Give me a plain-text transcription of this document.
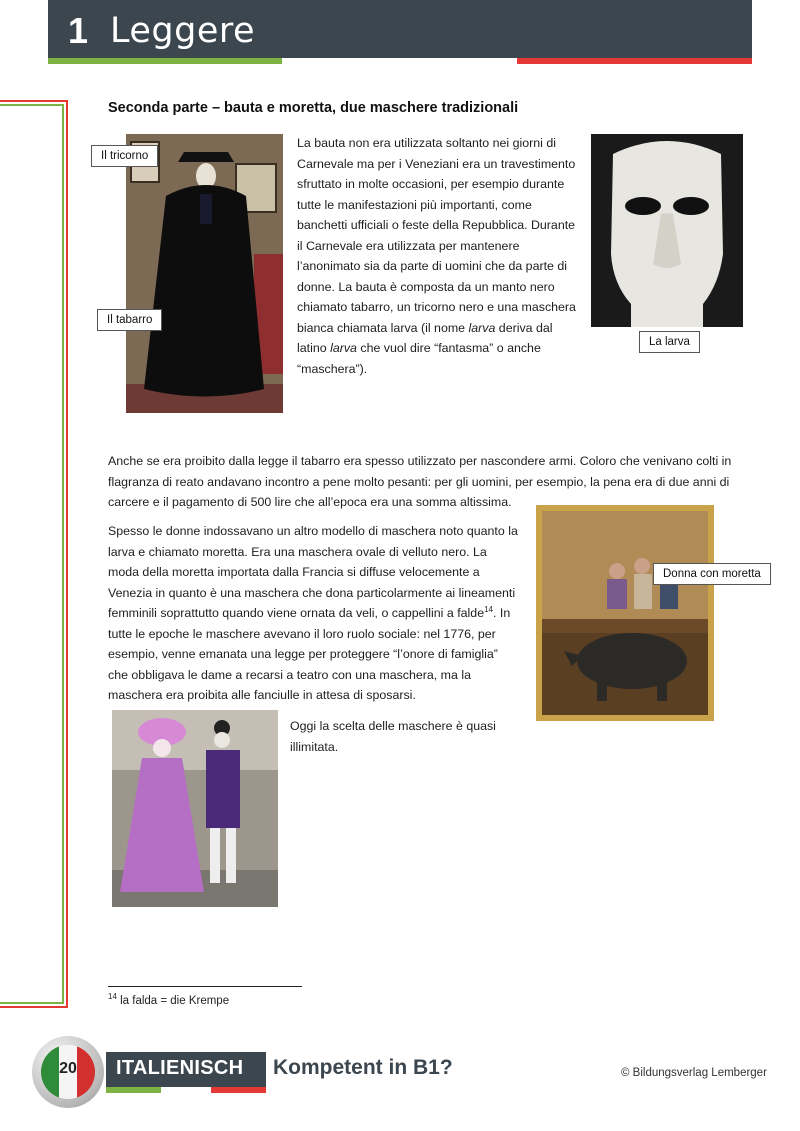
1 Leggere
Seconda parte – bauta e moretta, due maschere tradizionali
Il tricorno
Il tabarro
La larva
Donna con moretta
La bauta non era utilizzata soltanto nei giorni di Carnevale ma per i Veneziani era un travestimento sfruttato in molte occasioni, per esempio durante tutte le manifestazioni più importanti, come banchetti ufficiali o feste della Repubblica. Durante il Carnevale era utilizzata per mantenere l’anonimato sia da parte di uomini che da parte di donne. La bauta è composta da un manto nero chiamato tabarro, un tricorno nero e una maschera bianca chiamata larva (il nome larva deriva dal latino larva che vuol dire “fantasma” o anche “maschera”).
Anche se era proibito dalla legge il tabarro era spesso utilizzato per nascondere armi. Coloro che venivano colti in flagranza di reato andavano incontro a pene molto pesanti: per gli uomini, per esempio, la pena era di due anni di carcere e il pagamento di 500 lire che all’epoca era una somma altissima.
Spesso le donne indossavano un altro modello di maschera noto quanto la larva e chiamato moretta. Era una maschera ovale di velluto nero. La moda della moretta importata dalla Francia si diffuse velocemente a Venezia in quanto è una maschera che dona particolarmente ai lineamenti femminili soprattutto quando viene ornata da veli, o cappellini a falde$^{14}$. In tutte le epoche le maschere avevano il loro ruolo sociale: nel 1776, per esempio, venne emanata una legge per proteggere “l’onore di famiglia” che obbligava le dame a recarsi a teatro con una maschera, ma la maschera era proibita alle fanciulle in attesa di sposarsi.
Oggi la scelta delle maschere è quasi illimitata.
$^{14}$ la falda = die Krempe
20	ITALIENISCH Kompetent in B1?	© Bildungsverlag Lemberger
